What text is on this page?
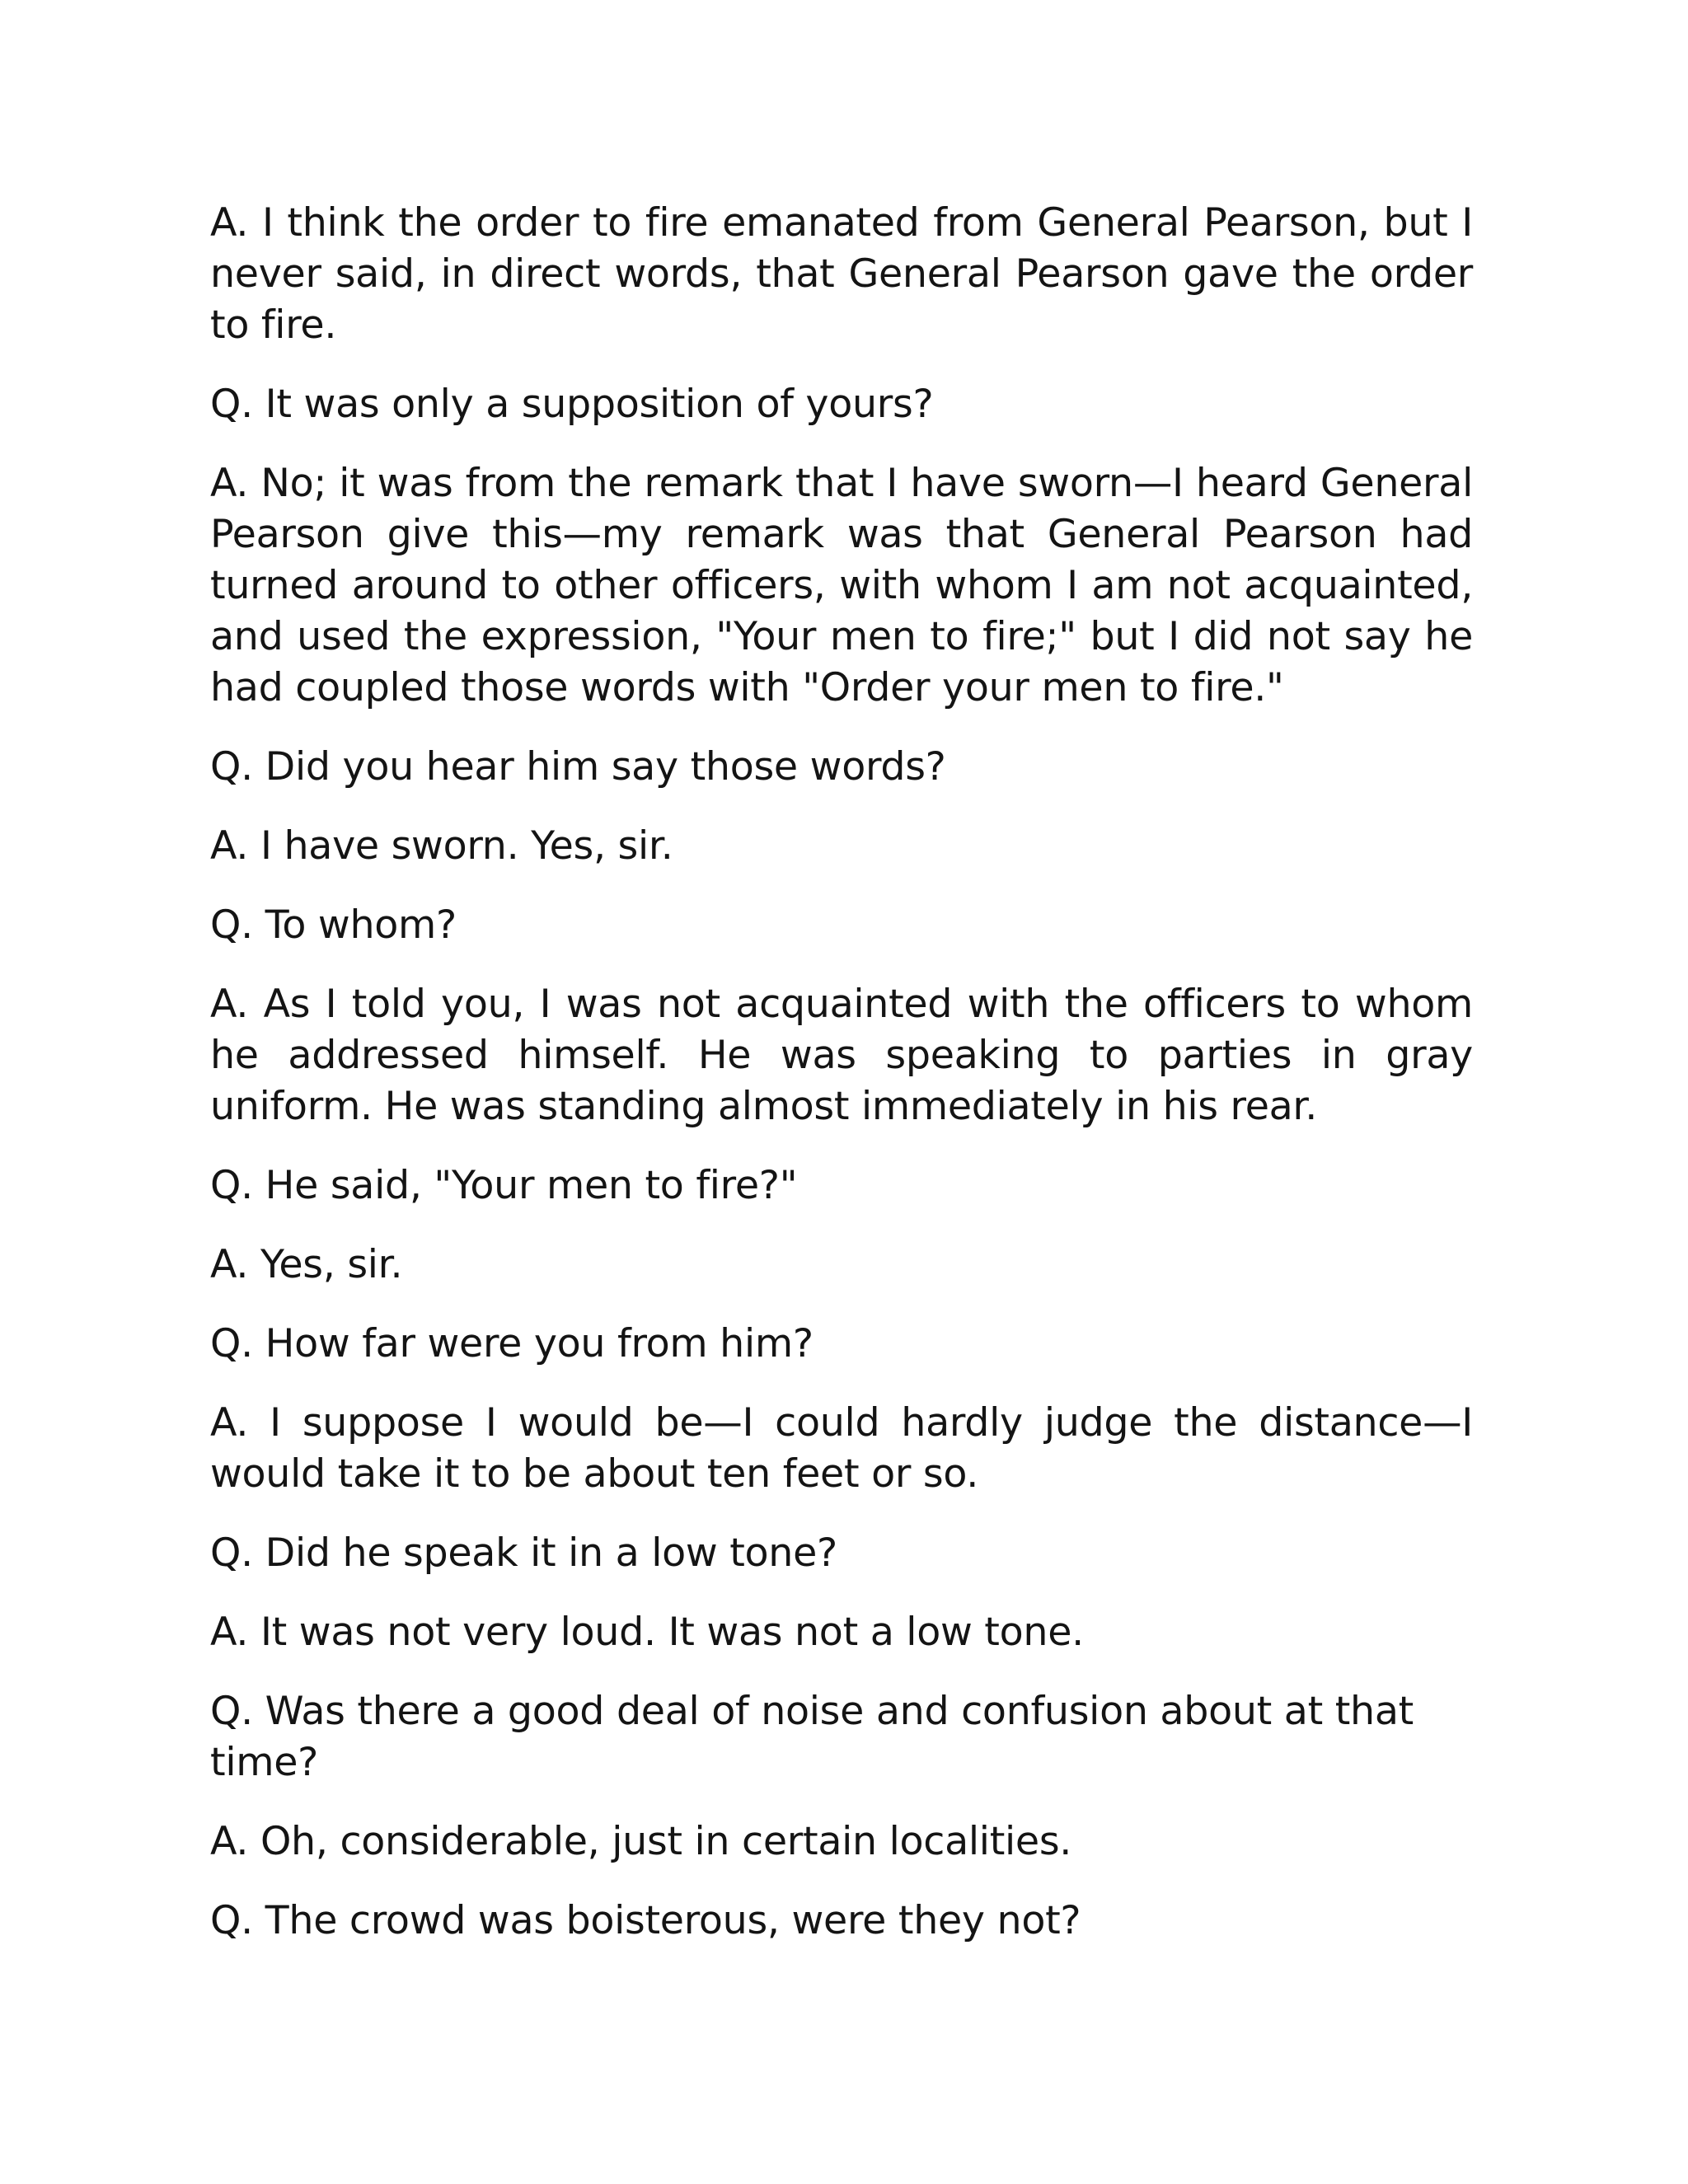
A. I think the order to fire emanated from General Pearson, but I never said, in direct words, that General Pearson gave the order to fire.

Q. It was only a supposition of yours?

A. No; it was from the remark that I have sworn—I heard General Pearson give this—my remark was that General Pearson had turned around to other officers, with whom I am not acquainted, and used the expression, "Your men to fire;" but I did not say he had coupled those words with "Order your men to fire."

Q. Did you hear him say those words?

A. I have sworn. Yes, sir.

Q. To whom?

A. As I told you, I was not acquainted with the officers to whom he addressed himself. He was speaking to parties in gray uniform. He was standing almost immediately in his rear.

Q. He said, "Your men to fire?"

A. Yes, sir.

Q. How far were you from him?

A. I suppose I would be—I could hardly judge the distance—I would take it to be about ten feet or so.

Q. Did he speak it in a low tone?

A. It was not very loud. It was not a low tone.

Q. Was there a good deal of noise and confusion about at that time?

A. Oh, considerable, just in certain localities.

Q. The crowd was boisterous, were they not?
